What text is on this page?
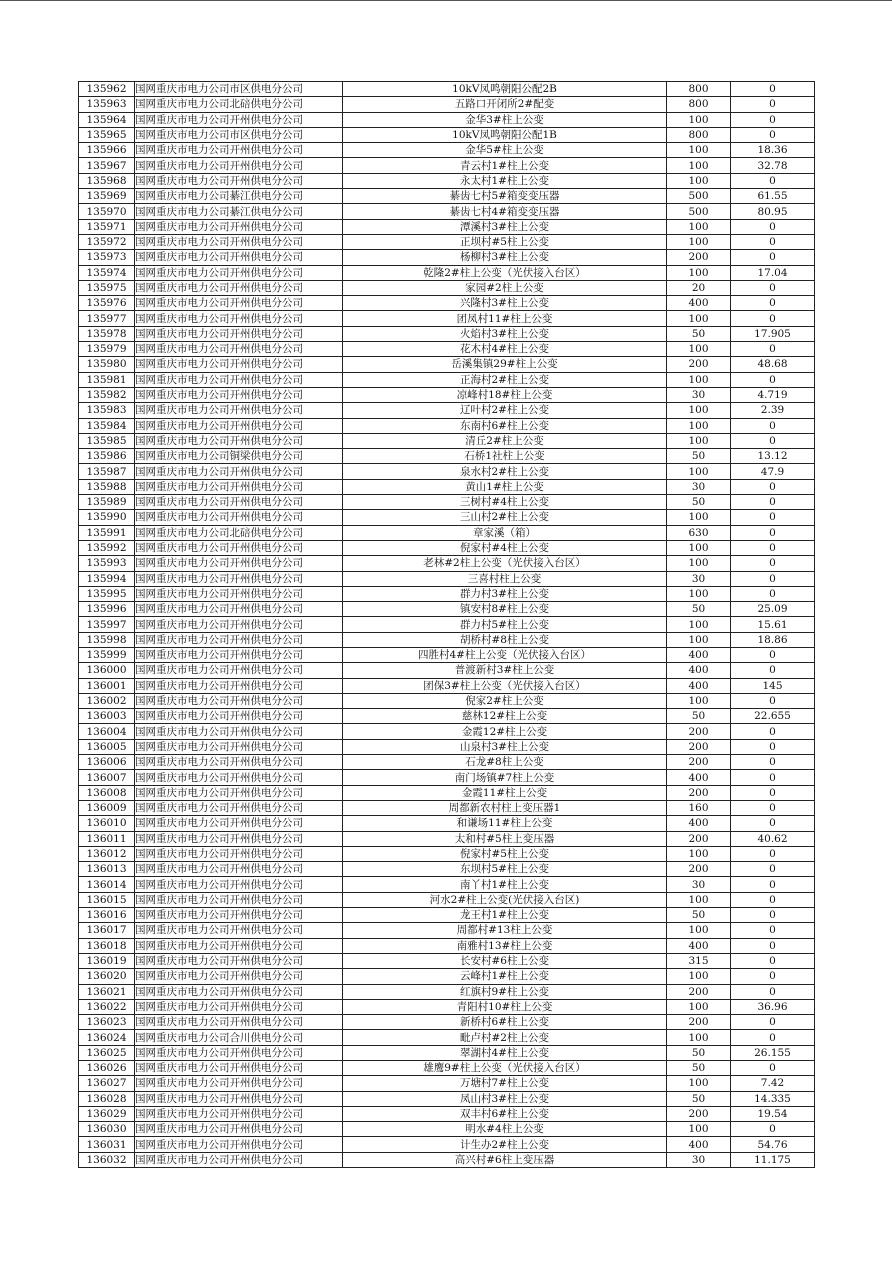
135962	国网重庆市电力公司市区供电分公司	10kV凤鸣朝阳公配2B	800	0
135963	国网重庆市电力公司北碚供电分公司	五路口开闭所2#配变	800	0
135964	国网重庆市电力公司开州供电分公司	金华3#柱上公变	100	0
135965	国网重庆市电力公司市区供电分公司	10kV凤鸣朝阳公配1B	800	0
135966	国网重庆市电力公司开州供电分公司	金华5#柱上公变	100	18.36
135967	国网重庆市电力公司开州供电分公司	青云村1#柱上公变	100	32.78
135968	国网重庆市电力公司开州供电分公司	永太村1#柱上公变	100	0
135969	国网重庆市电力公司綦江供电分公司	綦齿七村5#箱变变压器	500	61.55
135970	国网重庆市电力公司綦江供电分公司	綦齿七村4#箱变变压器	500	80.95
135971	国网重庆市电力公司开州供电分公司	潭溪村3#柱上公变	100	0
135972	国网重庆市电力公司开州供电分公司	正坝村#5柱上公变	100	0
135973	国网重庆市电力公司开州供电分公司	杨柳村3#柱上公变	200	0
135974	国网重庆市电力公司开州供电分公司	乾隆2#柱上公变（光伏接入台区）	100	17.04
135975	国网重庆市电力公司开州供电分公司	家园#2柱上公变	20	0
135976	国网重庆市电力公司开州供电分公司	兴隆村3#柱上公变	400	0
135977	国网重庆市电力公司开州供电分公司	团凤村11#柱上公变	100	0
135978	国网重庆市电力公司开州供电分公司	火焰村3#柱上公变	50	17.905
135979	国网重庆市电力公司开州供电分公司	花木村4#柱上公变	100	0
135980	国网重庆市电力公司开州供电分公司	岳溪集镇29#柱上公变	200	48.68
135981	国网重庆市电力公司开州供电分公司	正海村2#柱上公变	100	0
135982	国网重庆市电力公司开州供电分公司	凉峰村18#柱上公变	30	4.719
135983	国网重庆市电力公司开州供电分公司	辽叶村2#柱上公变	100	2.39
135984	国网重庆市电力公司开州供电分公司	东南村6#柱上公变	100	0
135985	国网重庆市电力公司开州供电分公司	清丘2#柱上公变	100	0
135986	国网重庆市电力公司铜梁供电分公司	石桥1社柱上公变	50	13.12
135987	国网重庆市电力公司开州供电分公司	泉水村2#柱上公变	100	47.9
135988	国网重庆市电力公司开州供电分公司	黄山1#柱上公变	30	0
135989	国网重庆市电力公司开州供电分公司	三树村#4柱上公变	50	0
135990	国网重庆市电力公司开州供电分公司	三山村2#柱上公变	100	0
135991	国网重庆市电力公司北碚供电分公司	章家溪（箱）	630	0
135992	国网重庆市电力公司开州供电分公司	倪家村#4柱上公变	100	0
135993	国网重庆市电力公司开州供电分公司	老林#2柱上公变（光伏接入台区）	100	0
135994	国网重庆市电力公司开州供电分公司	三喜村柱上公变	30	0
135995	国网重庆市电力公司开州供电分公司	群力村3#柱上公变	100	0
135996	国网重庆市电力公司开州供电分公司	镇安村8#柱上公变	50	25.09
135997	国网重庆市电力公司开州供电分公司	群力村5#柱上公变	100	15.61
135998	国网重庆市电力公司开州供电分公司	胡桥村#8柱上公变	100	18.86
135999	国网重庆市电力公司开州供电分公司	四胜村4#柱上公变（光伏接入台区）	400	0
136000	国网重庆市电力公司开州供电分公司	普渡新村3#柱上公变	400	0
136001	国网重庆市电力公司开州供电分公司	团保3#柱上公变（光伏接入台区）	400	145
136002	国网重庆市电力公司开州供电分公司	倪家2#柱上公变	100	0
136003	国网重庆市电力公司开州供电分公司	慈林12#柱上公变	50	22.655
136004	国网重庆市电力公司开州供电分公司	金霞12#柱上公变	200	0
136005	国网重庆市电力公司开州供电分公司	山泉村3#柱上公变	200	0
136006	国网重庆市电力公司开州供电分公司	石龙#8柱上公变	200	0
136007	国网重庆市电力公司开州供电分公司	南门场镇#7柱上公变	400	0
136008	国网重庆市电力公司开州供电分公司	金霞11#柱上公变	200	0
136009	国网重庆市电力公司开州供电分公司	周都新农村柱上变压器1	160	0
136010	国网重庆市电力公司开州供电分公司	和谦场11#柱上公变	400	0
136011	国网重庆市电力公司开州供电分公司	太和村#5柱上变压器	200	40.62
136012	国网重庆市电力公司开州供电分公司	倪家村#5柱上公变	100	0
136013	国网重庆市电力公司开州供电分公司	东坝村5#柱上公变	200	0
136014	国网重庆市电力公司开州供电分公司	南丫村1#柱上公变	30	0
136015	国网重庆市电力公司开州供电分公司	河水2#柱上公变(光伏接入台区)	100	0
136016	国网重庆市电力公司开州供电分公司	龙王村1#柱上公变	50	0
136017	国网重庆市电力公司开州供电分公司	周都村#13柱上公变	100	0
136018	国网重庆市电力公司开州供电分公司	南雅村13#柱上公变	400	0
136019	国网重庆市电力公司开州供电分公司	长安村#6柱上公变	315	0
136020	国网重庆市电力公司开州供电分公司	云峰村1#柱上公变	100	0
136021	国网重庆市电力公司开州供电分公司	红旗村9#柱上公变	200	0
136022	国网重庆市电力公司开州供电分公司	青阳村10#柱上公变	100	36.96
136023	国网重庆市电力公司开州供电分公司	新桥村6#柱上公变	200	0
136024	国网重庆市电力公司合川供电分公司	毗卢村#2柱上公变	100	0
136025	国网重庆市电力公司开州供电分公司	翠湖村4#柱上公变	50	26.155
136026	国网重庆市电力公司开州供电分公司	雄鹰9#柱上公变（光伏接入台区）	50	0
136027	国网重庆市电力公司开州供电分公司	万塘村7#柱上公变	100	7.42
136028	国网重庆市电力公司开州供电分公司	凤山村3#柱上公变	50	14.335
136029	国网重庆市电力公司开州供电分公司	双丰村6#柱上公变	200	19.54
136030	国网重庆市电力公司开州供电分公司	明水#4柱上公变	100	0
136031	国网重庆市电力公司开州供电分公司	计生办2#柱上公变	400	54.76
136032	国网重庆市电力公司开州供电分公司	高兴村#6柱上变压器	30	11.175
